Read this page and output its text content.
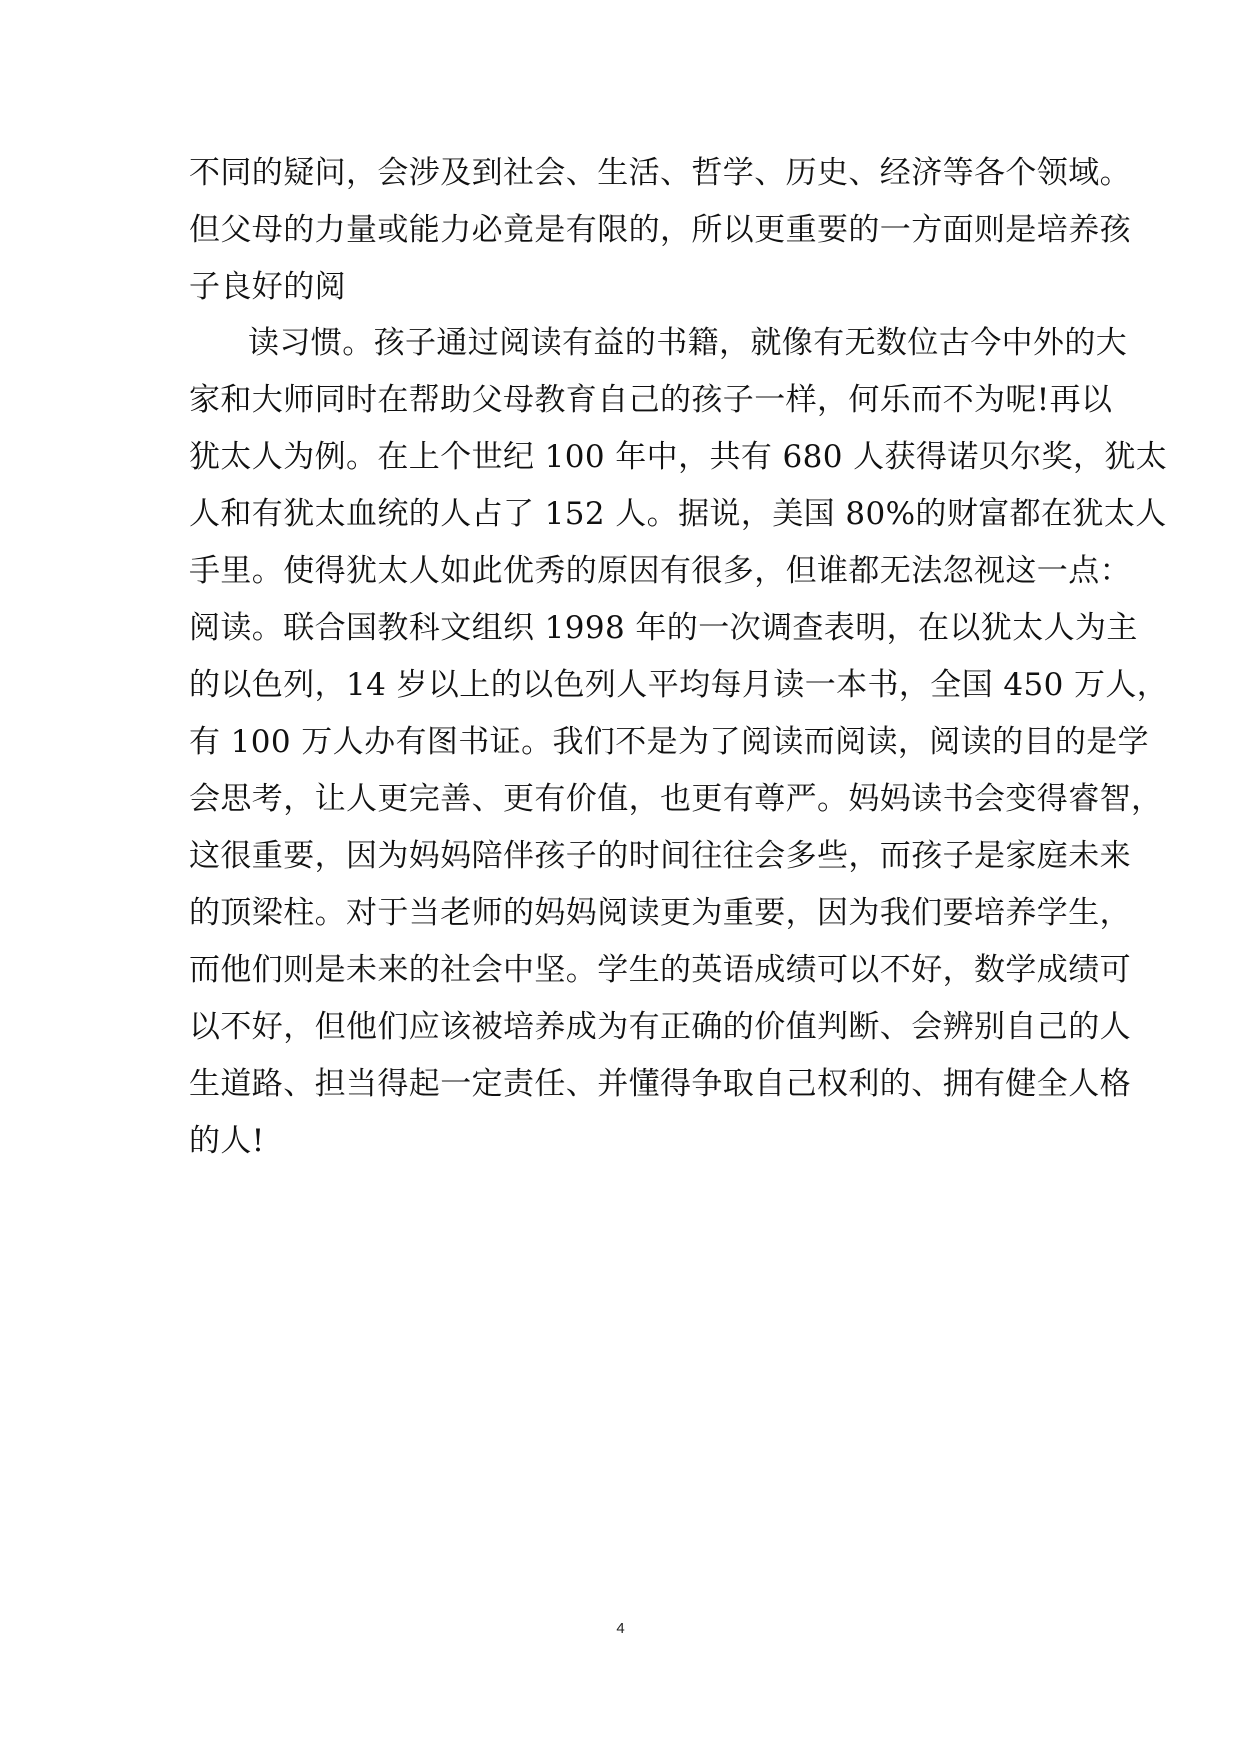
不同的疑问，会涉及到社会、生活、哲学、历史、经济等各个领域。
但父母的力量或能力必竟是有限的，所以更重要的一方面则是培养孩
子良好的阅
读习惯。孩子通过阅读有益的书籍，就像有无数位古今中外的大
家和大师同时在帮助父母教育自己的孩子一样，何乐而不为呢!再以
犹太人为例。在上个世纪 100 年中，共有 680 人获得诺贝尔奖，犹太
人和有犹太血统的人占了 152 人。据说，美国 80%的财富都在犹太人
手里。使得犹太人如此优秀的原因有很多，但谁都无法忽视这一点：
阅读。联合国教科文组织 1998 年的一次调查表明，在以犹太人为主
的以色列，14 岁以上的以色列人平均每月读一本书，全国 450 万人，
有 100 万人办有图书证。我们不是为了阅读而阅读，阅读的目的是学
会思考，让人更完善、更有价值，也更有尊严。妈妈读书会变得睿智，
这很重要，因为妈妈陪伴孩子的时间往往会多些，而孩子是家庭未来
的顶梁柱。对于当老师的妈妈阅读更为重要，因为我们要培养学生，
而他们则是未来的社会中坚。学生的英语成绩可以不好，数学成绩可
以不好，但他们应该被培养成为有正确的价值判断、会辨别自己的人
生道路、担当得起一定责任、并懂得争取自己权利的、拥有健全人格
的人!
4
